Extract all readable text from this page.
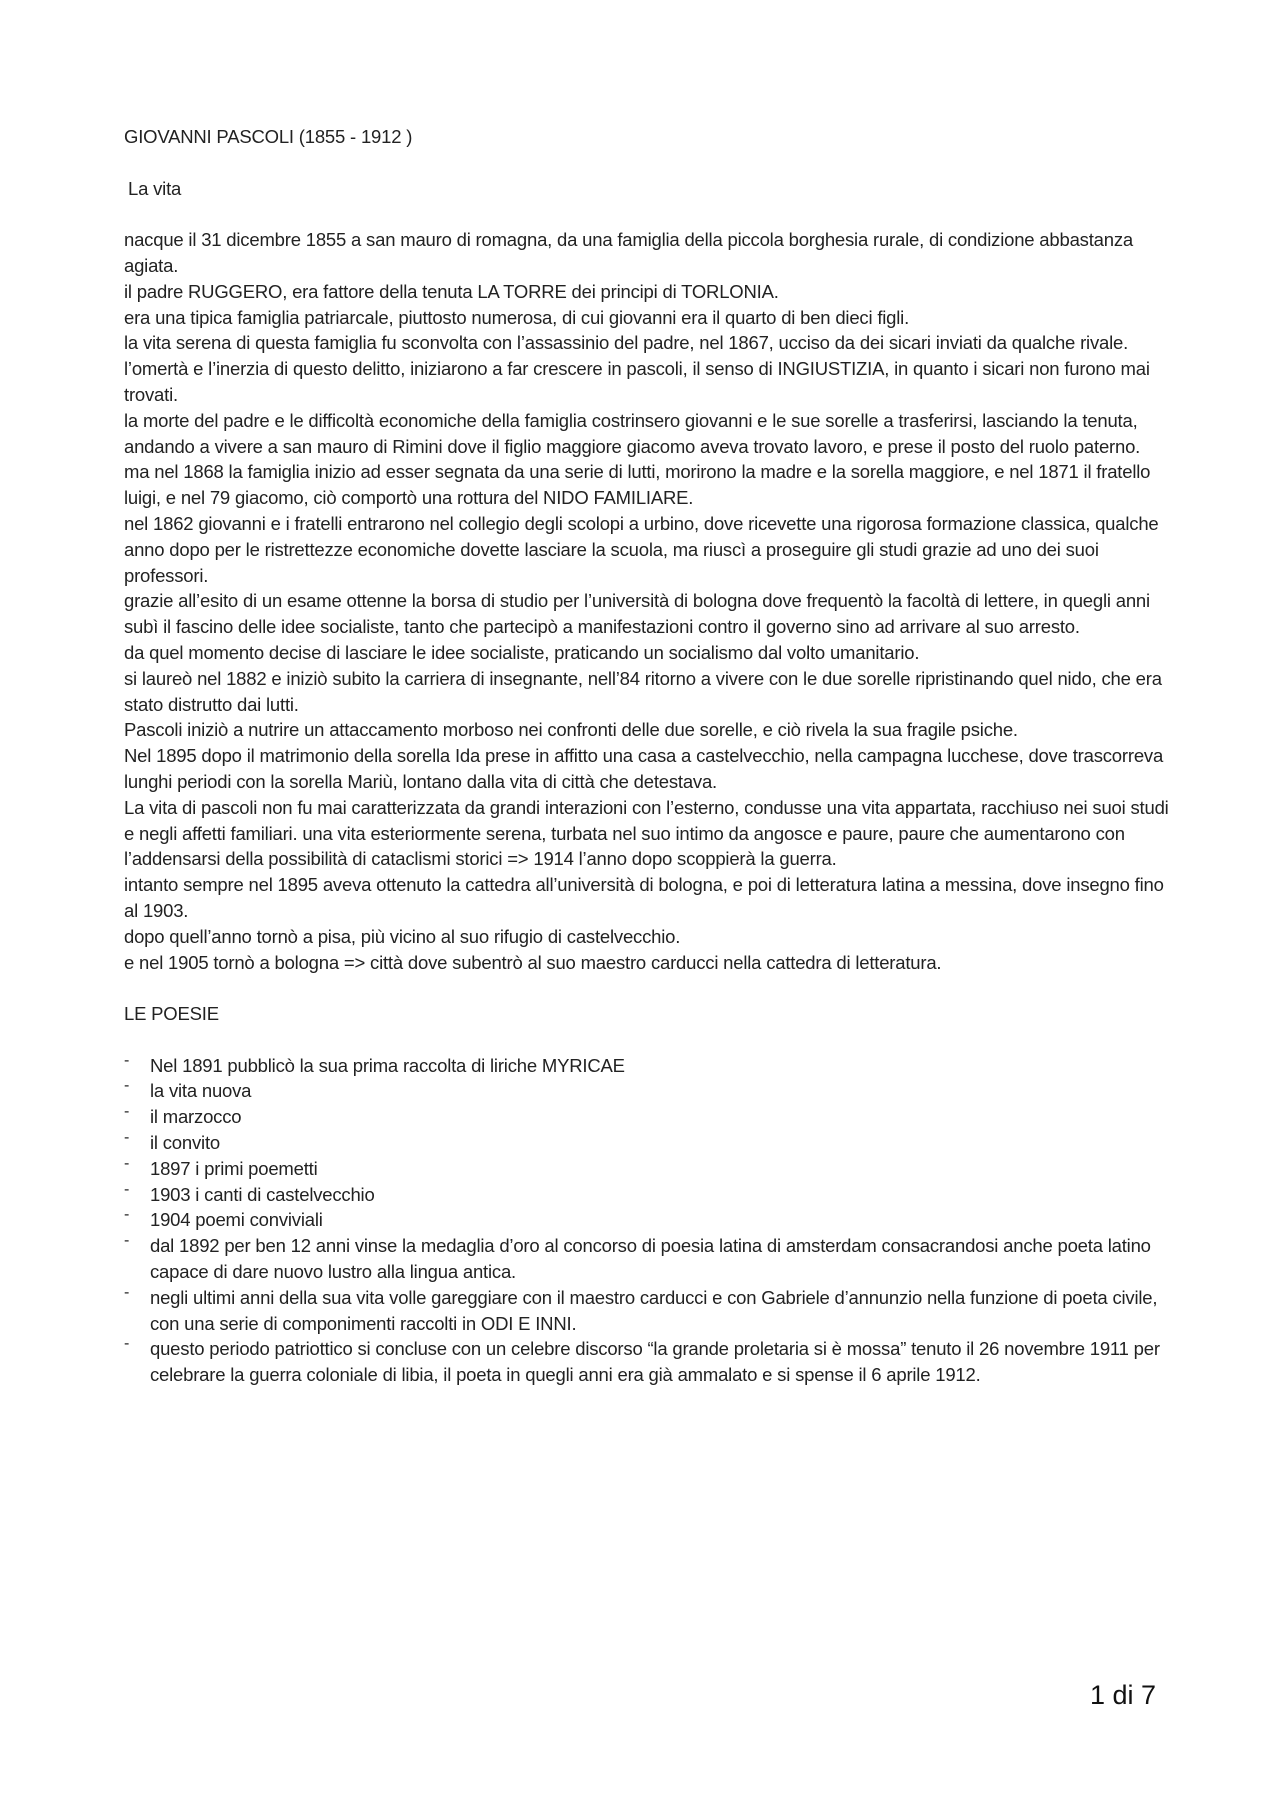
GIOVANNI PASCOLI (1855 - 1912 )
La vita

nacque il 31 dicembre 1855 a san mauro di romagna, da una famiglia della piccola borghesia rurale, di condizione abbastanza agiata.

il padre RUGGERO, era fattore della tenuta LA TORRE dei principi di TORLONIA.

era una tipica famiglia patriarcale, piuttosto numerosa, di cui giovanni era il quarto di ben dieci figli.

la vita serena di questa famiglia fu sconvolta con l’assassinio del padre, nel 1867, ucciso da dei sicari inviati da qualche rivale.

l’omertà e l’inerzia di questo delitto, iniziarono a far crescere in pascoli, il senso di INGIUSTIZIA, in quanto i sicari non furono mai trovati.

la morte del padre e le difficoltà economiche della famiglia costrinsero giovanni e le sue sorelle a trasferirsi, lasciando la tenuta, andando a vivere a san mauro di Rimini dove il figlio maggiore giacomo aveva trovato lavoro, e prese il posto del ruolo paterno.

ma nel 1868 la famiglia inizio ad esser segnata da una serie di lutti, morirono la madre e la sorella maggiore, e nel 1871 il fratello luigi, e nel 79 giacomo, ciò comportò una rottura del NIDO FAMILIARE.

nel 1862 giovanni e i fratelli entrarono nel collegio degli scolopi a urbino, dove ricevette una rigorosa formazione classica, qualche anno dopo per le ristrettezze economiche dovette lasciare la scuola, ma riuscì a proseguire gli studi grazie ad uno dei suoi professori.

grazie all’esito di un esame ottenne la borsa di studio per l’università di bologna dove frequentò la facoltà di lettere, in quegli anni subì il fascino delle idee socialiste, tanto che partecipò a manifestazioni contro il governo sino ad arrivare al suo arresto.

da quel momento decise di lasciare le idee socialiste, praticando un socialismo dal volto umanitario.

si laureò nel 1882 e iniziò subito la carriera di insegnante, nell’84 ritorno a vivere con le due sorelle ripristinando quel nido, che era stato distrutto dai lutti.

Pascoli iniziò a nutrire un attaccamento morboso nei confronti delle due sorelle, e ciò rivela la sua fragile psiche.

Nel 1895 dopo il matrimonio della sorella Ida prese in affitto una casa a castelvecchio, nella campagna lucchese, dove trascorreva lunghi periodi con la sorella Mariù, lontano dalla vita di città che detestava.

La vita di pascoli non fu mai caratterizzata da grandi interazioni con l’esterno, condusse una vita appartata, racchiuso nei suoi studi e negli affetti familiari. una vita esteriormente serena, turbata nel suo intimo da angosce e paure, paure che aumentarono con l’addensarsi della possibilità di cataclismi storici => 1914 l’anno dopo scoppierà la guerra.

intanto sempre nel 1895 aveva ottenuto la cattedra all’università di bologna, e poi di letteratura latina a messina, dove insegno fino al 1903.

dopo quell’anno tornò a pisa, più vicino al suo rifugio di castelvecchio.

e nel 1905 tornò a bologna => città dove subentrò al suo maestro carducci nella cattedra di letteratura.

LE POESIE
- Nel 1891 pubblicò la sua prima raccolta di liriche MYRICAE
- la vita nuova
- il marzocco
- il convito
- 1897 i primi poemetti
- 1903 i canti di castelvecchio
- 1904 poemi conviviali
- dal 1892 per ben 12 anni vinse la medaglia d’oro al concorso di poesia latina di amsterdam consacrandosi anche poeta latino capace di dare nuovo lustro alla lingua antica.
- negli ultimi anni della sua vita volle gareggiare con il maestro carducci e con Gabriele d’annunzio nella funzione di poeta civile, con una serie di componimenti raccolti in ODI E INNI.
- questo periodo patriottico si concluse con un celebre discorso “la grande proletaria si è mossa” tenuto il 26 novembre 1911 per celebrare la guerra coloniale di libia, il poeta in quegli anni era già ammalato e si spense il 6 aprile 1912.
1 di 7
